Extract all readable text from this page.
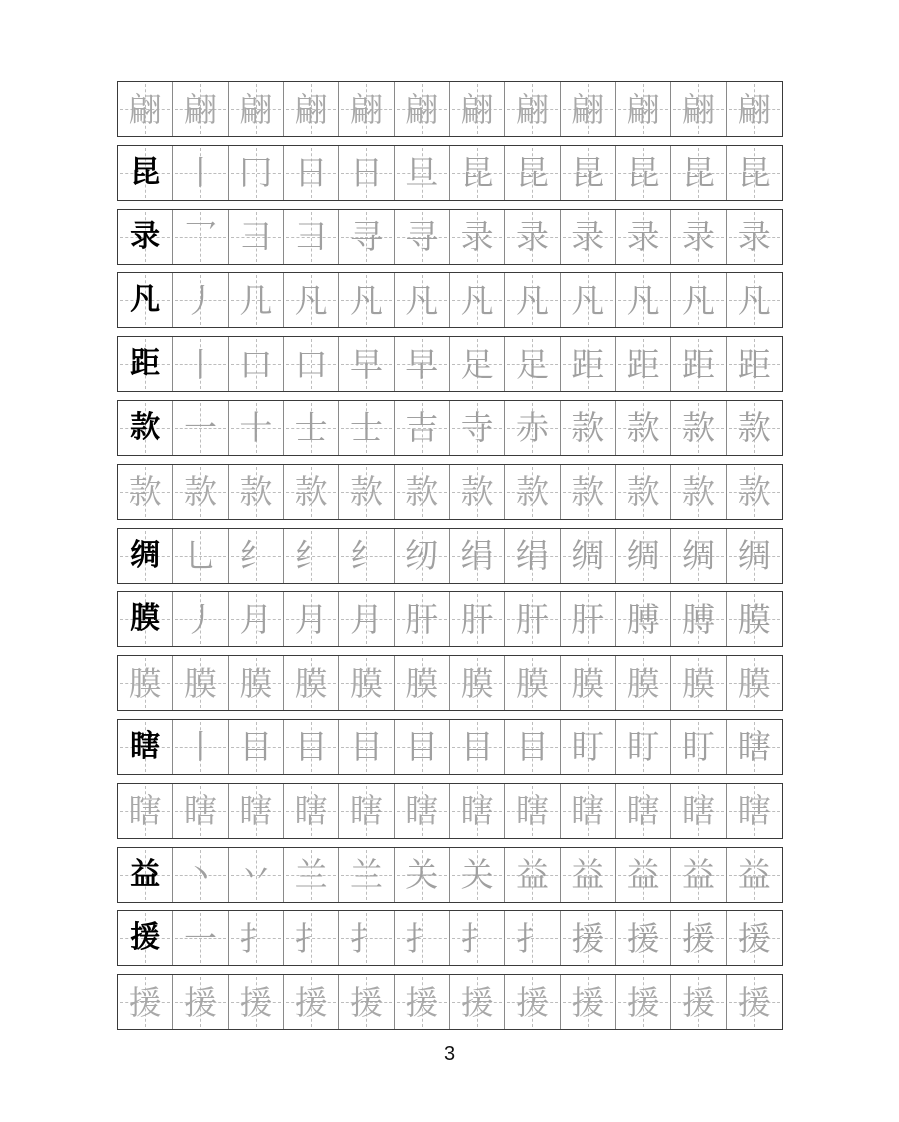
翩 翩 翩 翩 翩 翩 翩 翩 翩 翩 翩 翩
昆 丨 冂 日 日 旦 昆 昆 昆 昆 昆 昆
录 乛 彐 彐 寻 寻 录 录 录 录 录 录
凡 丿 几 凡 凡 凡 凡 凡 凡 凡 凡 凡
距 丨 口 口 早 早 足 足 距 距 距 距
款 一 十 士 士 吉 寺 赤 款 款 款 款
款 款 款 款 款 款 款 款 款 款 款 款
绸 乚 纟 纟 纟 纫 绢 绢 绸 绸 绸 绸
膜 丿 月 月 月 肝 肝 肝 肝 膊 膊 膜
膜 膜 膜 膜 膜 膜 膜 膜 膜 膜 膜 膜
瞎 丨 目 目 目 目 目 目 盯 盯 盯 瞎
瞎 瞎 瞎 瞎 瞎 瞎 瞎 瞎 瞎 瞎 瞎 瞎
益 丶 丷 兰 兰 关 关 益 益 益 益 益
援 一 扌 扌 扌 扌 扌 扌 援 援 援 援
援 援 援 援 援 援 援 援 援 援 援 援
3
